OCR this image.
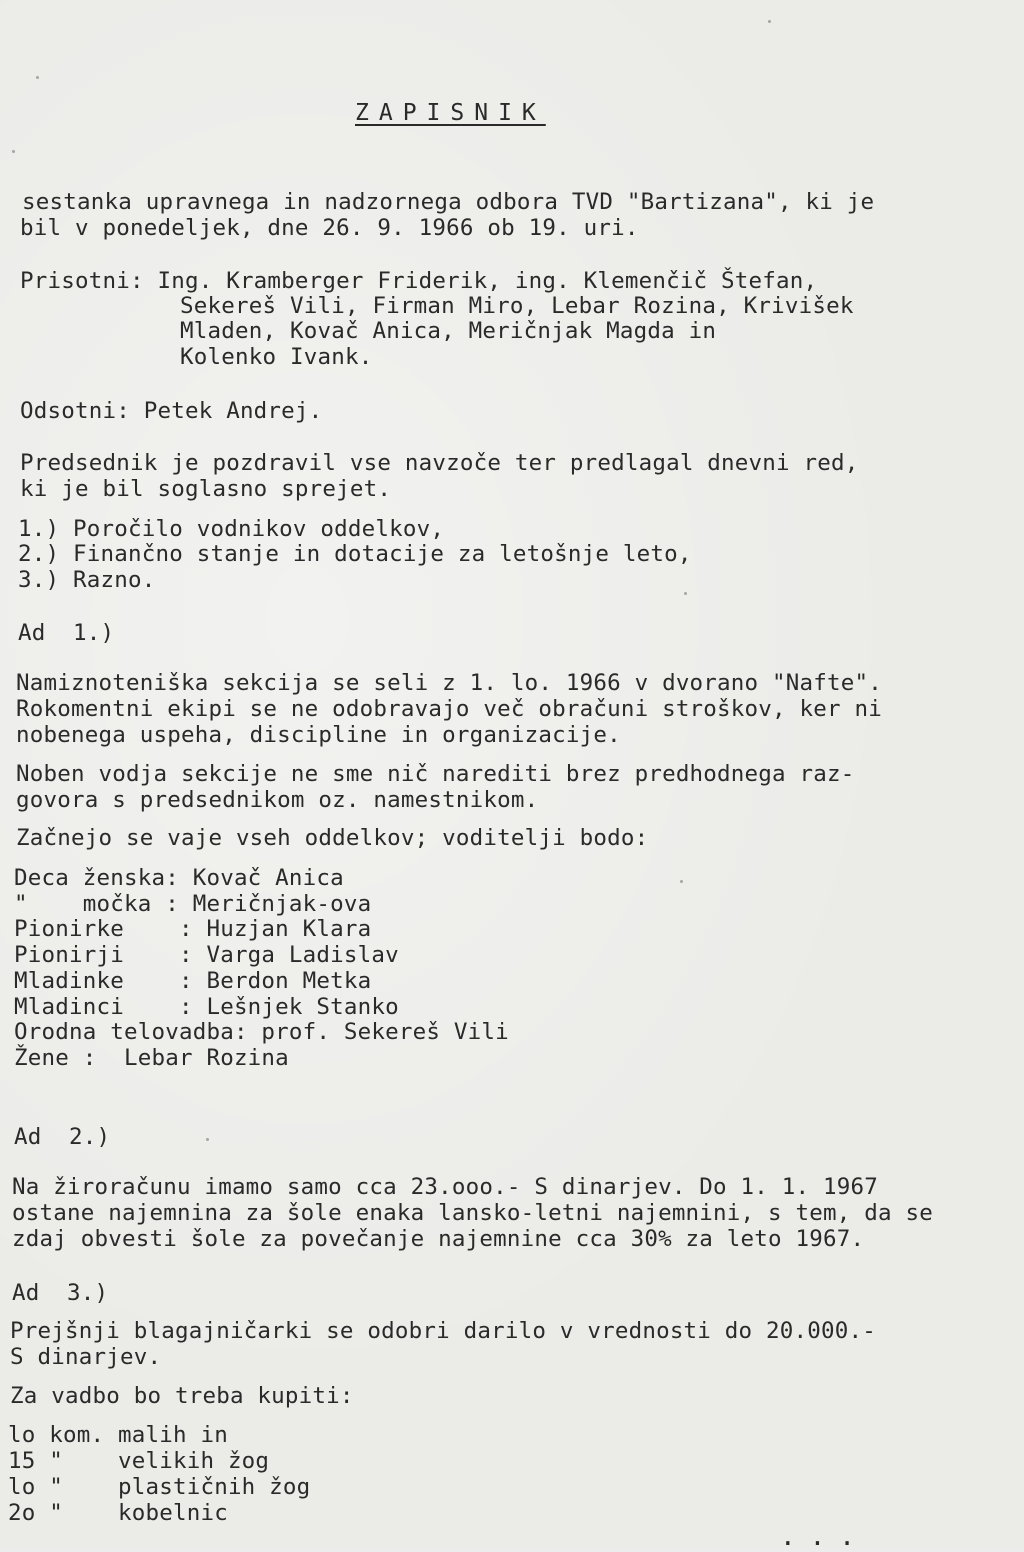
ZAPISNIK
sestanka upravnega in nadzornega odbora TVD "Bartizana", ki je
bil v ponedeljek, dne 26. 9. 1966 ob 19. uri.
Prisotni: Ing. Kramberger Friderik, ing. Klemenčič Štefan,
Sekereš Vili, Firman Miro, Lebar Rozina, Krivišek
Mladen, Kovač Anica, Meričnjak Magda in
Kolenko Ivank.
Odsotni: Petek Andrej.
Predsednik je pozdravil vse navzoče ter predlagal dnevni red,
ki je bil soglasno sprejet.
1.) Poročilo vodnikov oddelkov,
2.) Finančno stanje in dotacije za letošnje leto,
3.) Razno.
Ad  1.)
Namiznoteniška sekcija se seli z 1. lo. 1966 v dvorano "Nafte".
Rokomentni ekipi se ne odobravajo več obračuni stroškov, ker ni
nobenega uspeha, discipline in organizacije.
Noben vodja sekcije ne sme nič narediti brez predhodnega raz-
govora s predsednikom oz. namestnikom.
Začnejo se vaje vseh oddelkov; voditelji bodo:
Deca ženska: Kovač Anica
"    močka : Meričnjak-ova
Pionirke    : Huzjan Klara
Pionirji    : Varga Ladislav
Mladinke    : Berdon Metka
Mladinci    : Lešnjek Stanko
Orodna telovadba: prof. Sekereš Vili
Žene :  Lebar Rozina
Ad  2.)
Na žiroračunu imamo samo cca 23.ooo.- S dinarjev. Do 1. 1. 1967
ostane najemnina za šole enaka lansko-letni najemnini, s tem, da se
zdaj obvesti šole za povečanje najemnine cca 30% za leto 1967.
Ad  3.)
Prejšnji blagajničarki se odobri darilo v vrednosti do 20.000.-
S dinarjev.
Za vadbo bo treba kupiti:
lo kom. malih in
15 "    velikih žog
lo "    plastičnih žog
2o "    kobelnic
...
